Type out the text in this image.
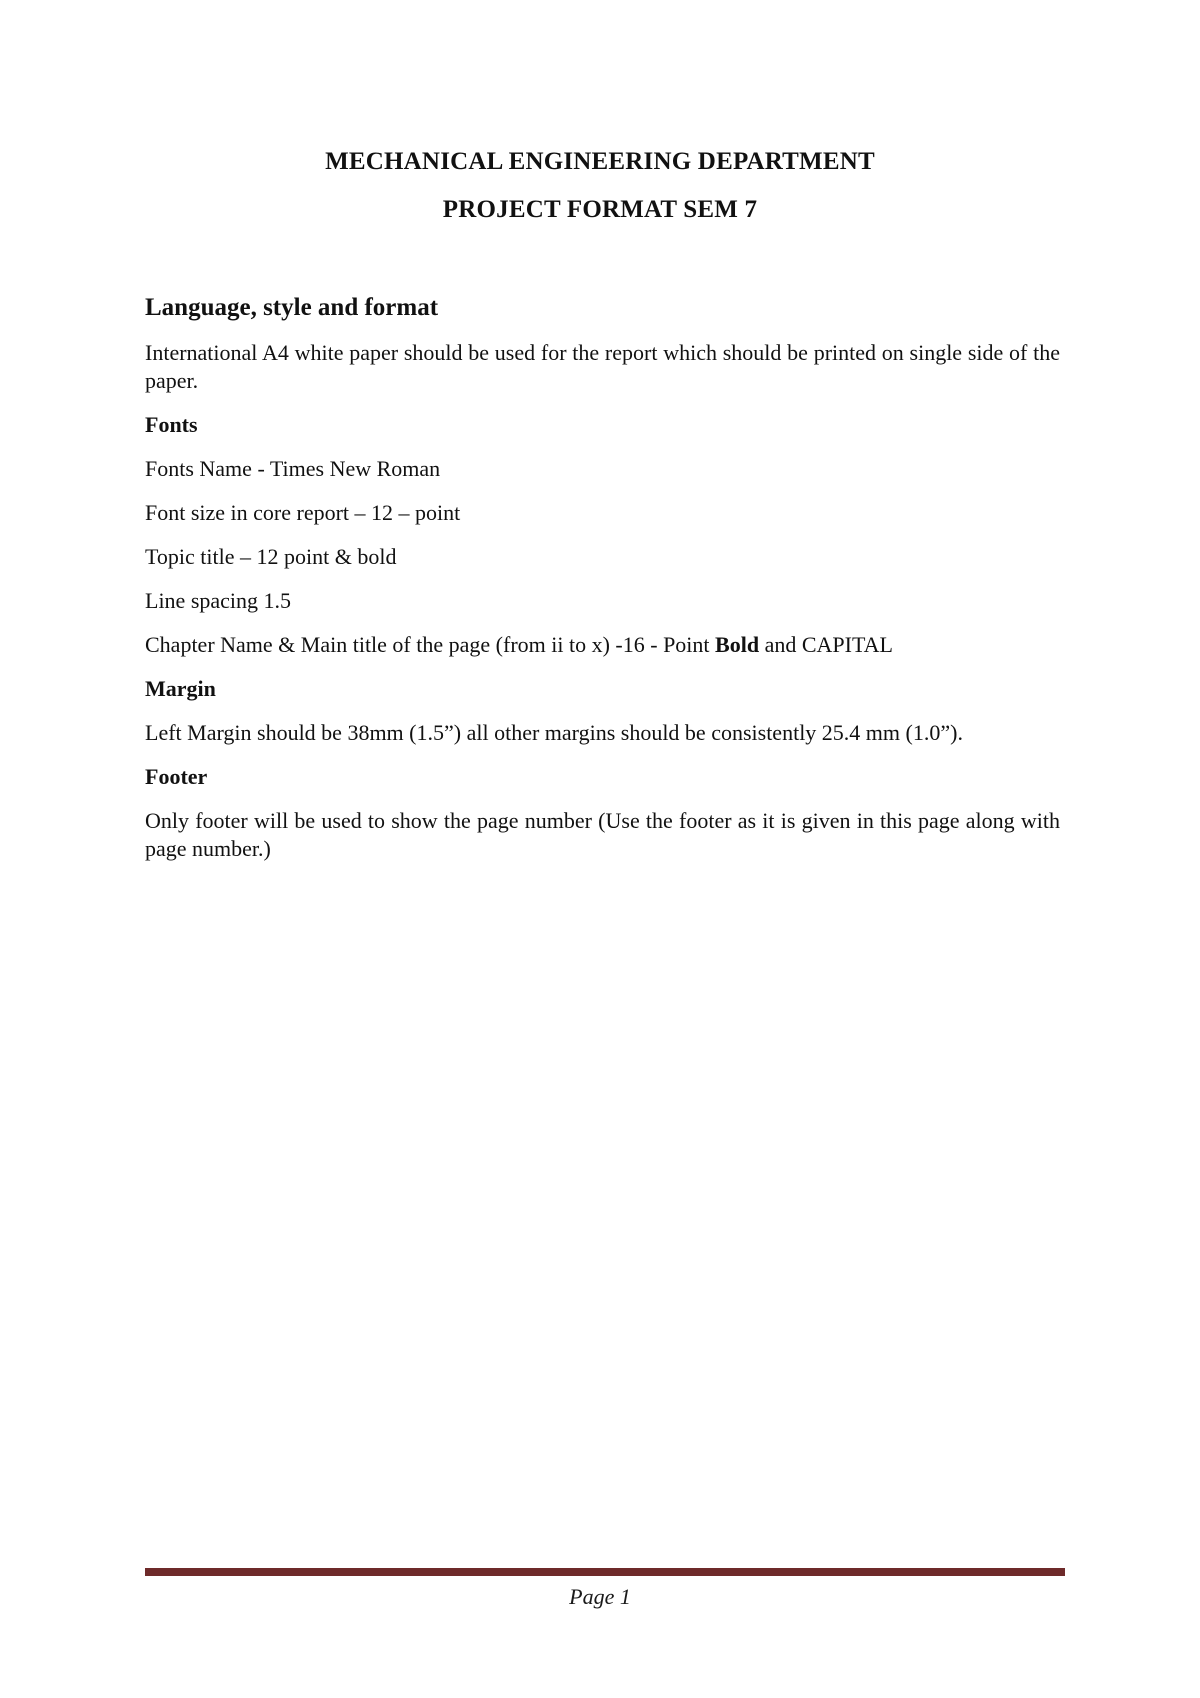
MECHANICAL ENGINEERING DEPARTMENT
PROJECT FORMAT SEM 7
Language, style and format
International A4 white paper should be used for the report which should be printed on single side of the paper.
Fonts
Fonts Name - Times New Roman
Font size in core report – 12 – point
Topic title – 12 point & bold
Line spacing 1.5
Chapter Name & Main title of the page (from ii to x) -16 - Point Bold and CAPITAL
Margin
Left Margin should be 38mm (1.5”) all other margins should be consistently 25.4 mm (1.0”).
Footer
Only footer will be used to show the page number (Use the footer as it is given in this page along with page number.)
Page 1
